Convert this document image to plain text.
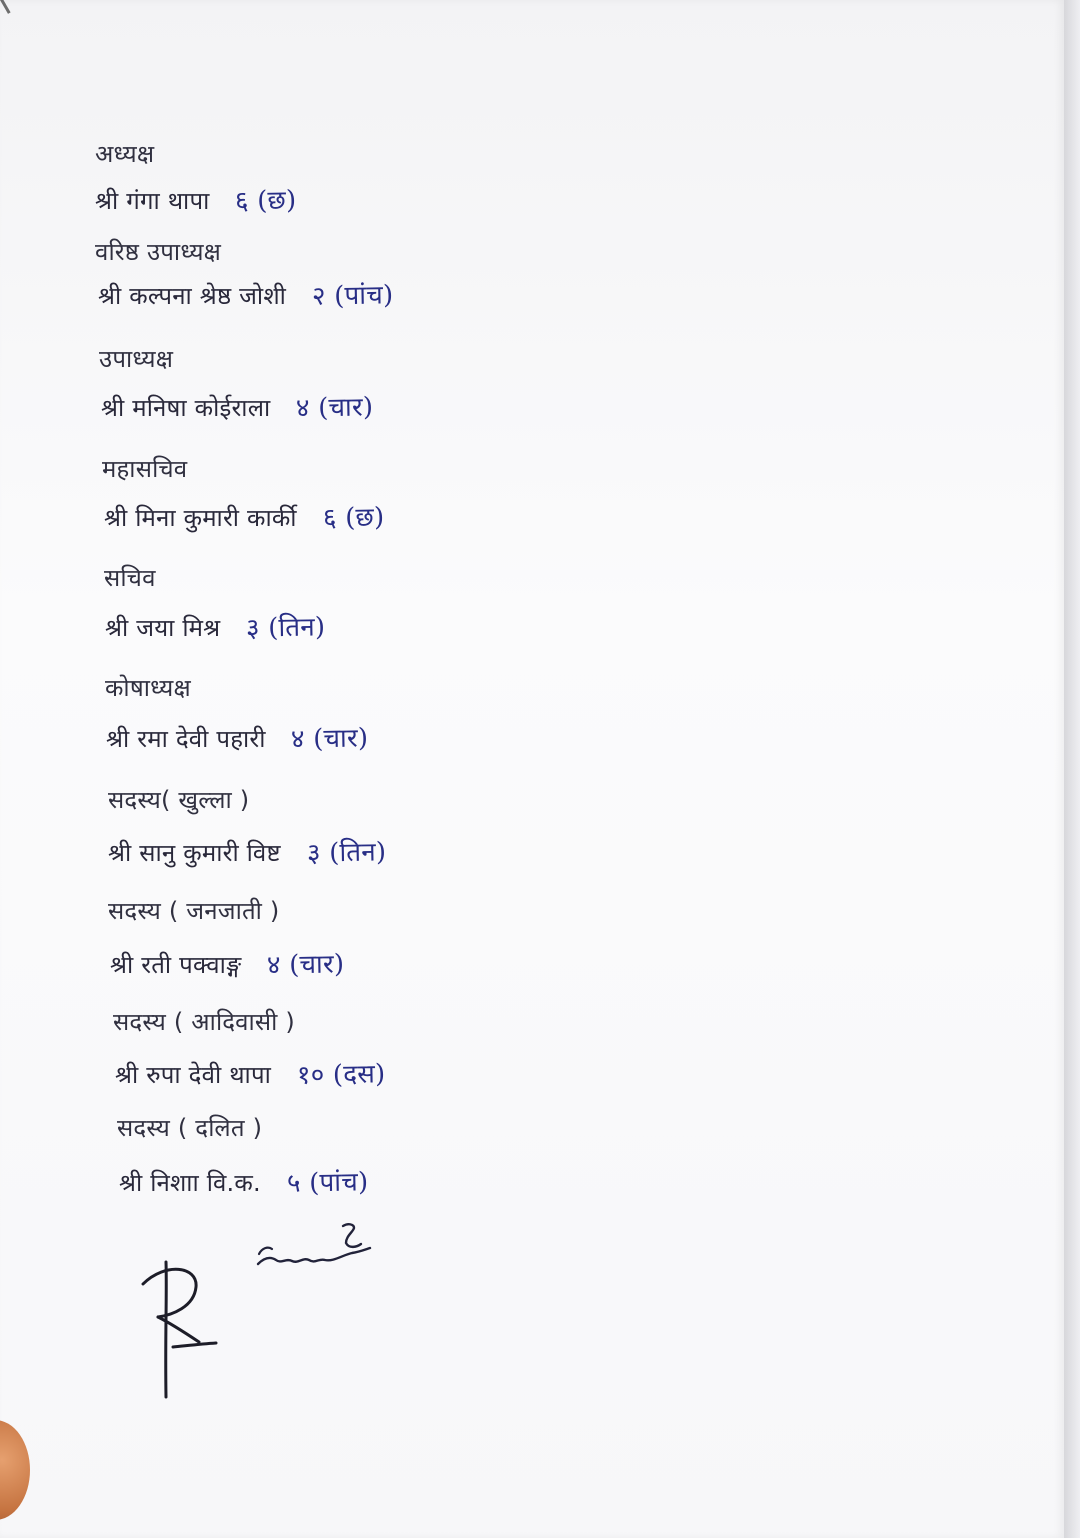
अध्यक्ष
श्री गंगा थापा ६ (छ)
वरिष्ठ उपाध्यक्ष
श्री कल्पना श्रेष्ठ जोशी २ (पांच)
उपाध्यक्ष
श्री मनिषा कोईराला ४ (चार)
महासचिव
श्री मिना कुमारी कार्की ६ (छ)
सचिव
श्री जया मिश्र ३ (तिन)
कोषाध्यक्ष
श्री रमा देवी पहारी ४ (चार)
सदस्य( खुल्ला )
श्री सानु कुमारी विष्ट ३ (तिन)
सदस्य ( जनजाती )
श्री रती पक्वाङ्ग ४ (चार)
सदस्य ( आदिवासी )
श्री रुपा देवी थापा १० (दस)
सदस्य ( दलित )
श्री निशाा वि.क. ५ (पांच)
